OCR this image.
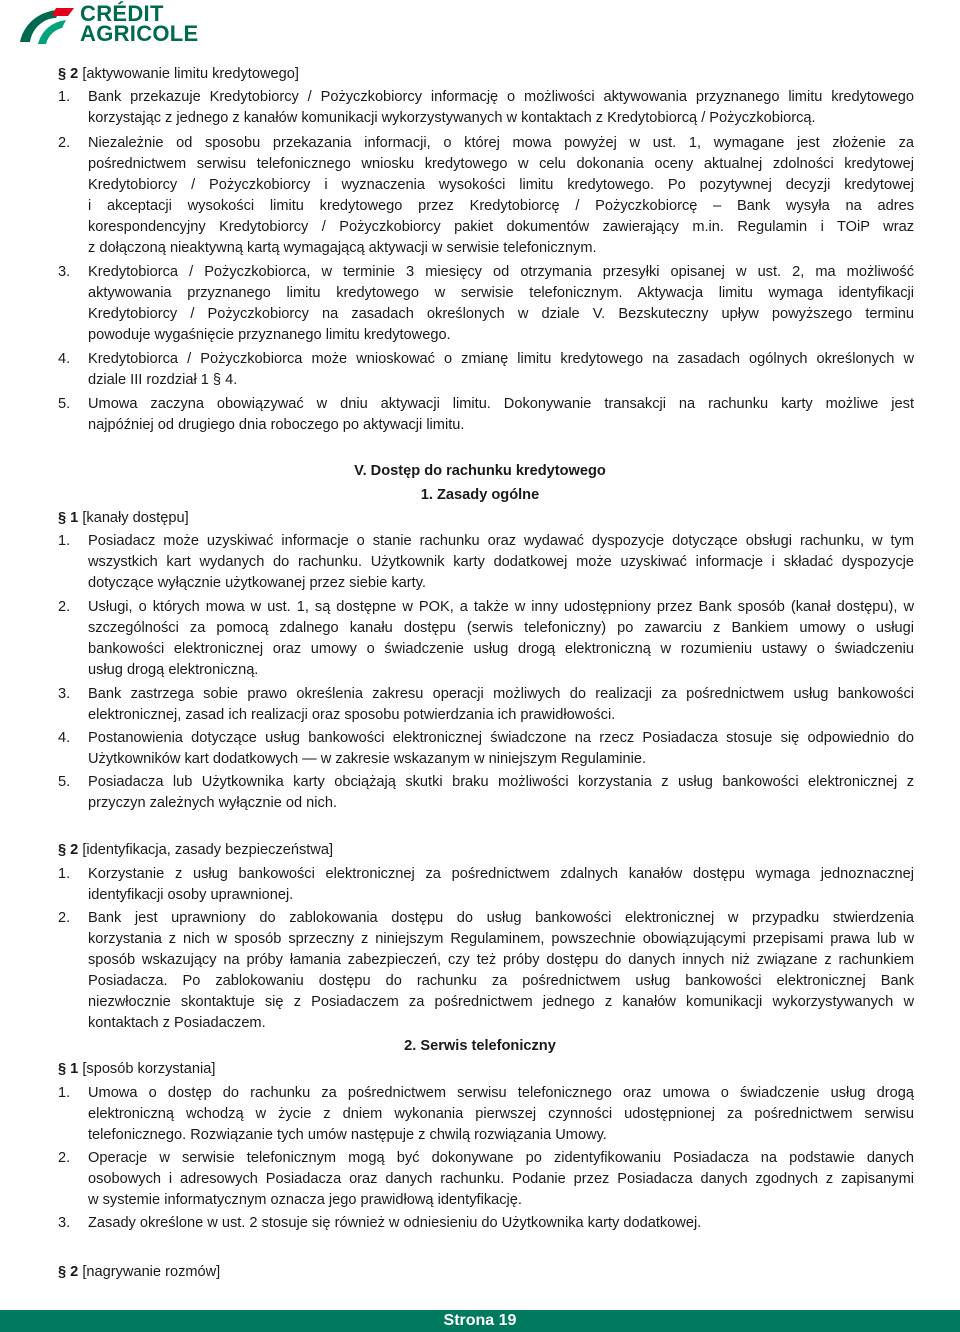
CRÉDIT
AGRICOLE
§ 2 [aktywowanie limitu kredytowego]
1. Bank przekazuje Kredytobiorcy / Pożyczkobiorcy informację o możliwości aktywowania przyznanego limitu kredytowego
korzystając z jednego z kanałów komunikacji wykorzystywanych w kontaktach z Kredytobiorcą / Pożyczkobiorcą.
2. Niezależnie od sposobu przekazania informacji, o której mowa powyżej w ust. 1, wymagane jest złożenie za
pośrednictwem serwisu telefonicznego wniosku kredytowego w celu dokonania oceny aktualnej zdolności kredytowej
Kredytobiorcy / Pożyczkobiorcy i wyznaczenia wysokości limitu kredytowego. Po pozytywnej decyzji kredytowej
i akceptacji wysokości limitu kredytowego przez Kredytobiorcę / Pożyczkobiorcę – Bank wysyła na adres
korespondencyjny Kredytobiorcy / Pożyczkobiorcy pakiet dokumentów zawierający m.in. Regulamin i TOiP wraz
z dołączoną nieaktywną kartą wymagającą aktywacji w serwisie telefonicznym.
3. Kredytobiorca / Pożyczkobiorca, w terminie 3 miesięcy od otrzymania przesyłki opisanej w ust. 2, ma możliwość
aktywowania przyznanego limitu kredytowego w serwisie telefonicznym. Aktywacja limitu wymaga identyfikacji
Kredytobiorcy / Pożyczkobiorcy na zasadach określonych w dziale V. Bezskuteczny upływ powyższego terminu
powoduje wygaśnięcie przyznanego limitu kredytowego.
4. Kredytobiorca / Pożyczkobiorca może wnioskować o zmianę limitu kredytowego na zasadach ogólnych określonych w
dziale III rozdział 1 § 4.
5. Umowa zaczyna obowiązywać w dniu aktywacji limitu. Dokonywanie transakcji na rachunku karty możliwe jest
najpóźniej od drugiego dnia roboczego po aktywacji limitu.
V. Dostęp do rachunku kredytowego
1. Zasady ogólne
§ 1 [kanały dostępu]
1. Posiadacz może uzyskiwać informacje o stanie rachunku oraz wydawać dyspozycje dotyczące obsługi rachunku, w tym
wszystkich kart wydanych do rachunku. Użytkownik karty dodatkowej może uzyskiwać informacje i składać dyspozycje
dotyczące wyłącznie użytkowanej przez siebie karty.
2. Usługi, o których mowa w ust. 1, są dostępne w POK, a także w inny udostępniony przez Bank sposób (kanał dostępu), w
szczególności za pomocą zdalnego kanału dostępu (serwis telefoniczny) po zawarciu z Bankiem umowy o usługi
bankowości elektronicznej oraz umowy o świadczenie usług drogą elektroniczną w rozumieniu ustawy o świadczeniu
usług drogą elektroniczną.
3. Bank zastrzega sobie prawo określenia zakresu operacji możliwych do realizacji za pośrednictwem usług bankowości
elektronicznej, zasad ich realizacji oraz sposobu potwierdzania ich prawidłowości.
4. Postanowienia dotyczące usług bankowości elektronicznej świadczone na rzecz Posiadacza stosuje się odpowiednio do
Użytkowników kart dodatkowych — w zakresie wskazanym w niniejszym Regulaminie.
5. Posiadacza lub Użytkownika karty obciążają skutki braku możliwości korzystania z usług bankowości elektronicznej z
przyczyn zależnych wyłącznie od nich.
§ 2 [identyfikacja, zasady bezpieczeństwa]
1. Korzystanie z usług bankowości elektronicznej za pośrednictwem zdalnych kanałów dostępu wymaga jednoznacznej
identyfikacji osoby uprawnionej.
2. Bank jest uprawniony do zablokowania dostępu do usług bankowości elektronicznej w przypadku stwierdzenia
korzystania z nich w sposób sprzeczny z niniejszym Regulaminem, powszechnie obowiązującymi przepisami prawa lub w
sposób wskazujący na próby łamania zabezpieczeń, czy też próby dostępu do danych innych niż związane z rachunkiem
Posiadacza. Po zablokowaniu dostępu do rachunku za pośrednictwem usług bankowości elektronicznej Bank
niezwłocznie skontaktuje się z Posiadaczem za pośrednictwem jednego z kanałów komunikacji wykorzystywanych w
kontaktach z Posiadaczem.
2. Serwis telefoniczny
§ 1 [sposób korzystania]
1. Umowa o dostęp do rachunku za pośrednictwem serwisu telefonicznego oraz umowa o świadczenie usług drogą
elektroniczną wchodzą w życie z dniem wykonania pierwszej czynności udostępnionej za pośrednictwem serwisu
telefonicznego. Rozwiązanie tych umów następuje z chwilą rozwiązania Umowy.
2. Operacje w serwisie telefonicznym mogą być dokonywane po zidentyfikowaniu Posiadacza na podstawie danych
osobowych i adresowych Posiadacza oraz danych rachunku. Podanie przez Posiadacza danych zgodnych z zapisanymi
w systemie informatycznym oznacza jego prawidłową identyfikację.
3. Zasady określone w ust. 2 stosuje się również w odniesieniu do Użytkownika karty dodatkowej.
§ 2 [nagrywanie rozmów]
Strona 19
